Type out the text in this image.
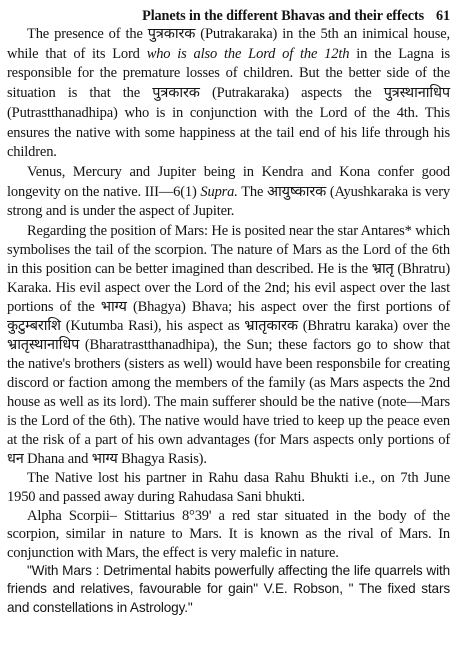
Planets in the different Bhavas and their effects 61

The presence of the पुत्रकारक (Putrakaraka) in the 5th an inimical house, while that of its Lord who is also the Lord of the 12th in the Lagna is responsible for the premature losses of children. But the better side of the situation is that the पुत्रकारक (Putrakaraka) aspects the पुत्रस्थानाधिप (Putrastthanadhipa) who is in conjunction with the Lord of the 4th. This ensures the native with some happiness at the tail end of his life through his children.

Venus, Mercury and Jupiter being in Kendra and Kona confer good longevity on the native. III—6(1) Supra. The आयुष्कारक (Ayushkaraka is very strong and is under the aspect of Jupiter.

Regarding the position of Mars: He is posited near the star Antares* which symbolises the tail of the scorpion. The nature of Mars as the Lord of the 6th in this position can be better imagined than described. He is the भ्रातृ (Bhratru) Karaka. His evil aspect over the Lord of the 2nd; his evil aspect over the last portions of the भाग्य (Bhagya) Bhava; his aspect over the first portions of कुटुम्बराशि (Kutumba Rasi), his aspect as भ्रातृकारक (Bhratru karaka) over the भ्रातृस्थानाधिप (Bharatrastthanadhipa), the Sun; these factors go to show that the native's brothers (sisters as well) would have been responsbile for creating discord or faction among the members of the family (as Mars aspects the 2nd house as well as its lord). The main sufferer should be the native (note—Mars is the Lord of the 6th). The native would have tried to keep up the peace even at the risk of a part of his own advantages (for Mars aspects only portions of धन Dhana and भाग्य Bhagya Rasis).

The Native lost his partner in Rahu dasa Rahu Bhukti i.e., on 7th June 1950 and passed away during Rahudasa Sani bhukti.

Alpha Scorpii– Stittarius 8°39' a red star situated in the body of the scorpion, similar in nature to Mars. It is known as the rival of Mars. In conjunction with Mars, the effect is very malefic in nature.

"With Mars : Detrimental habits powerfully affecting the life quarrels with friends and relatives, favourable for gain" V.E. Robson, " The fixed stars and constellations in Astrology."
